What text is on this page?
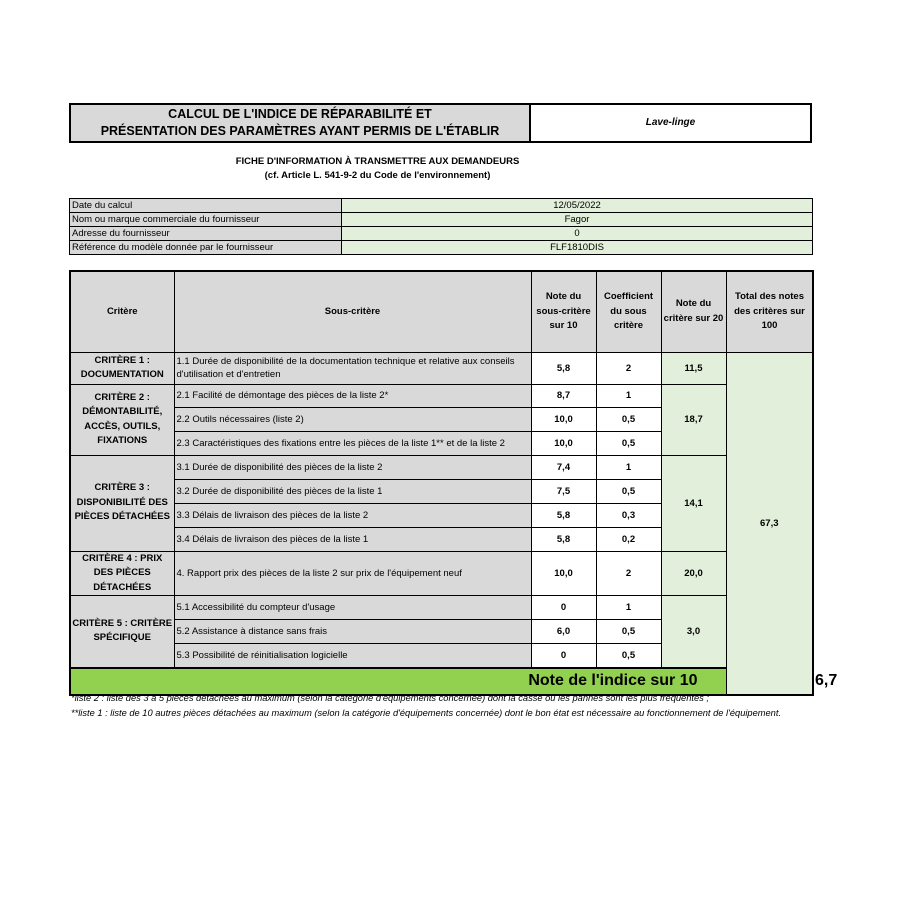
CALCUL DE L'INDICE DE RÉPARABILITÉ ET
PRÉSENTATION DES PARAMÈTRES AYANT PERMIS DE L'ÉTABLIR
Lave-linge
FICHE D'INFORMATION À TRANSMETTRE AUX DEMANDEURS
(cf. Article L. 541-9-2 du Code de l'environnement)
Date du calcul	12/05/2022
Nom ou marque commerciale du fournisseur	Fagor
Adresse du fournisseur	0
Référence du modèle donnée par le fournisseur	FLF1810DIS
Critère	Sous-critère	Note du sous-critère sur 10	Coefficient du sous critère	Note du critère sur 20	Total des notes des critères sur 100	
CRITÈRE 1 : DOCUMENTATION	1.1 Durée de disponibilité de la documentation technique et relative aux conseils d'utilisation et d'entretien	5,8	2	11,5	67,3	
CRITÈRE 2 : DÉMONTABILITÉ, ACCÈS, OUTILS, FIXATIONS	2.1 Facilité de démontage des pièces de la liste 2*	8,7	1	18,7		
	2.2 Outils nécessaires (liste 2)	10,0	0,5			
	2.3 Caractéristiques des fixations entre les pièces de la liste 1** et de la liste 2	10,0	0,5			
CRITÈRE 3 : DISPONIBILITÉ DES PIÈCES DÉTACHÉES	3.1 Durée de disponibilité des pièces de la liste 2	7,4	1	14,1		
	3.2 Durée de disponibilité des pièces de la liste 1	7,5	0,5			
	3.3 Délais de livraison des pièces de la liste 2	5,8	0,3			
	3.4 Délais de livraison des pièces de la liste 1	5,8	0,2			
CRITÈRE 4 : PRIX DES PIÈCES DÉTACHÉES	4. Rapport prix des pièces de la liste 2 sur prix de l'équipement neuf	10,0	2	20,0		
CRITÈRE 5 : CRITÈRE SPÉCIFIQUE	5.1 Accessibilité du compteur d'usage	0	1	3,0		
	5.2 Assistance à distance sans frais	6,0	0,5			
	5.3 Possibilité de réinitialisation logicielle	0	0,5			
Note de l'indice sur 10						6,7
*liste 2 : liste des 3 à 5 pièces détachées au maximum (selon la catégorie d'équipements concernée) dont la casse ou les pannes sont les plus fréquentes ;
**liste 1 : liste de 10 autres pièces détachées au maximum (selon la catégorie d'équipements concernée) dont le bon état est nécessaire au fonctionnement de l'équipement.
